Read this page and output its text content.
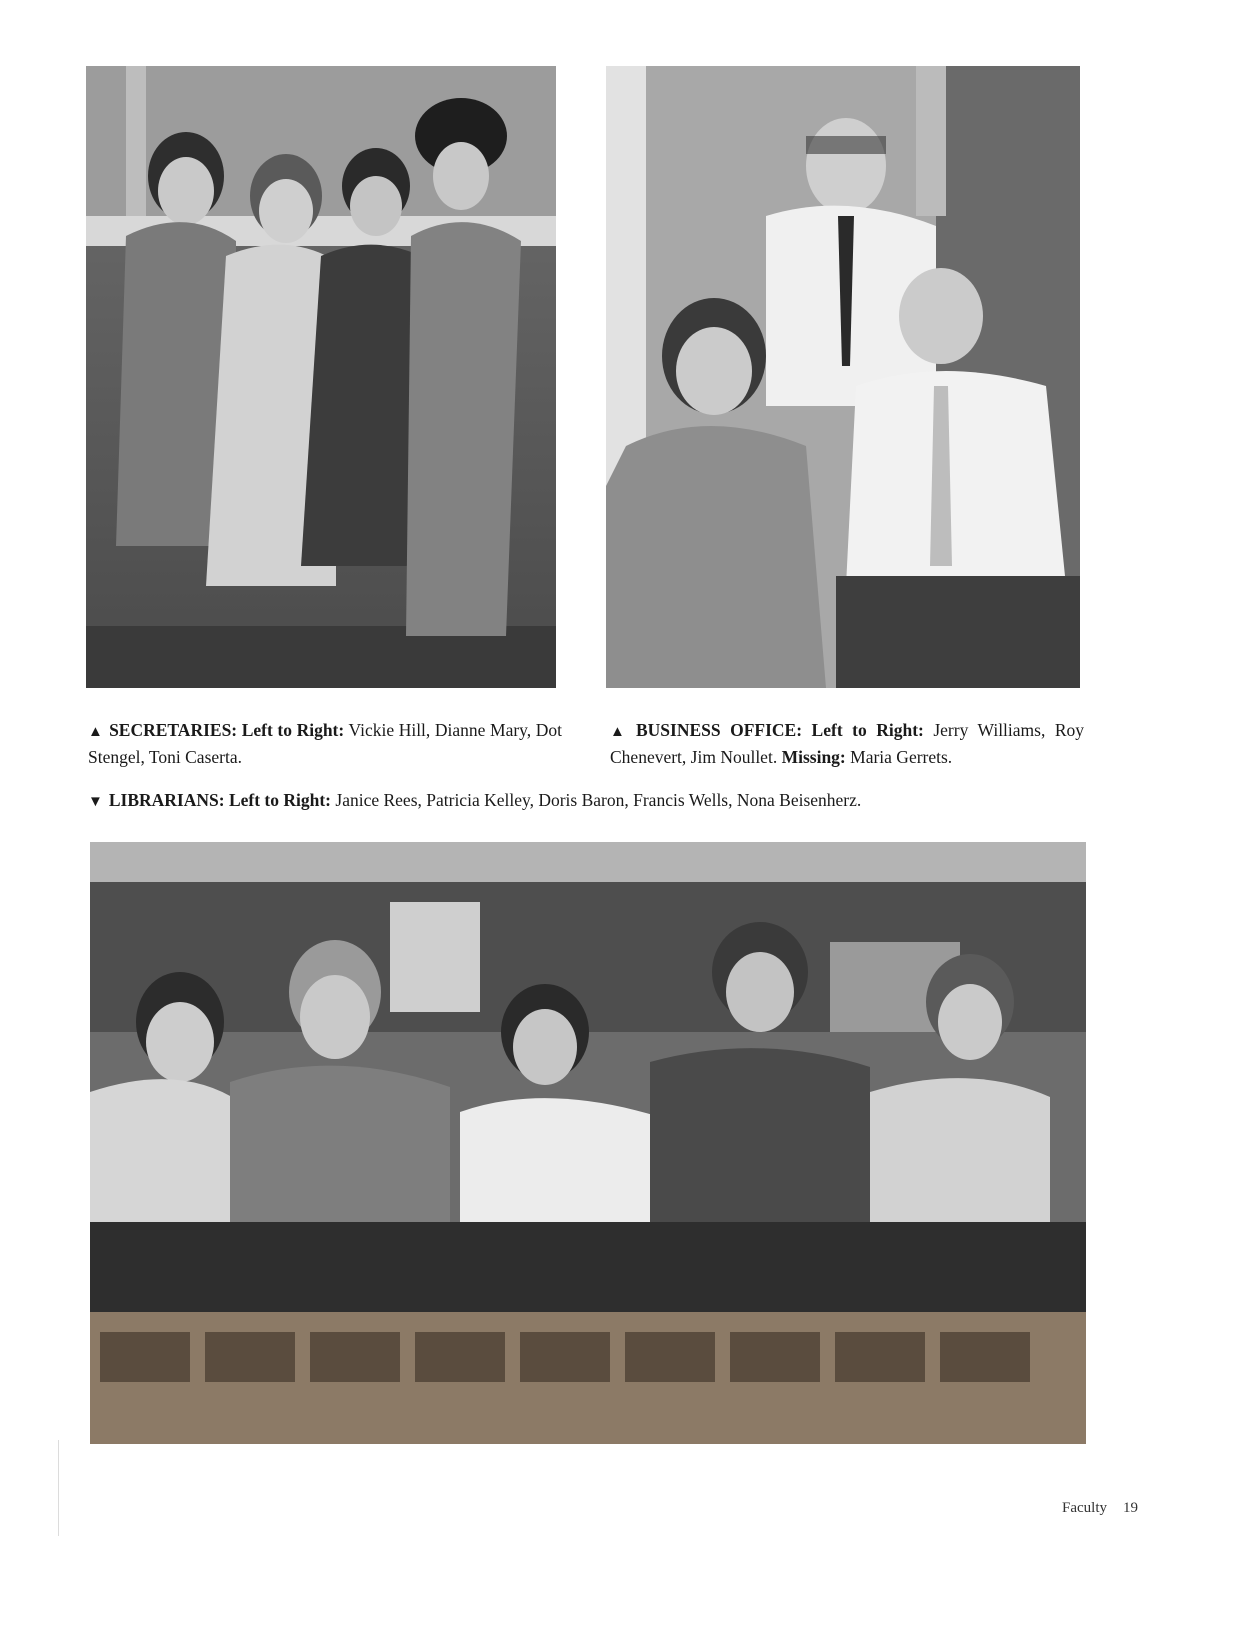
▲ SECRETARIES: Left to Right: Vickie Hill, Dianne Mary, Dot Stengel, Toni Caserta.
▲ BUSINESS OFFICE: Left to Right: Jerry Williams, Roy Chenevert, Jim Noullet. Missing: Maria Gerrets.
▼ LIBRARIANS: Left to Right: Janice Rees, Patricia Kelley, Doris Baron, Francis Wells, Nona Beisenherz.
Faculty 19
